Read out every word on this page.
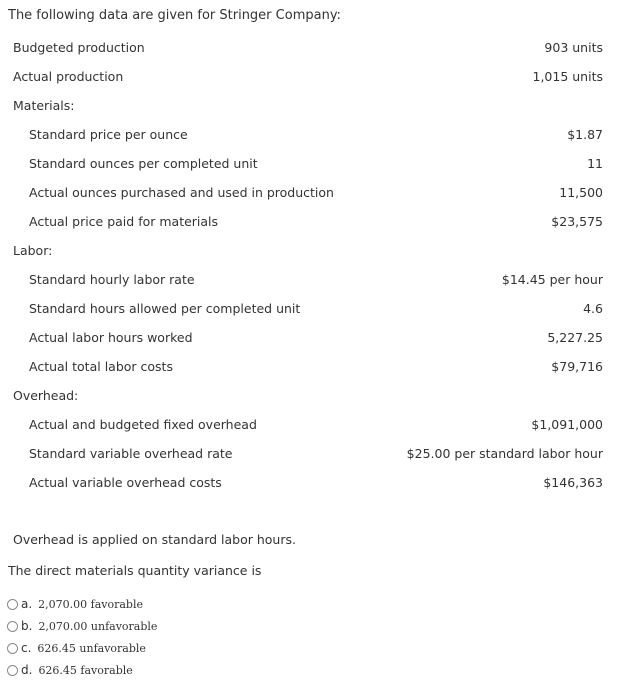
The following data are given for Stringer Company:
Budgeted production	903 units
Actual production	1,015 units
Materials:
Standard price per ounce	$1.87
Standard ounces per completed unit	11
Actual ounces purchased and used in production	11,500
Actual price paid for materials	$23,575
Labor:
Standard hourly labor rate	$14.45 per hour
Standard hours allowed per completed unit	4.6
Actual labor hours worked	5,227.25
Actual total labor costs	$79,716
Overhead:
Actual and budgeted fixed overhead	$1,091,000
Standard variable overhead rate	$25.00 per standard labor hour
Actual variable overhead costs	$146,363
Overhead is applied on standard labor hours.
The direct materials quantity variance is
a. 2,070.00 favorable
b. 2,070.00 unfavorable
c. 626.45 unfavorable
d. 626.45 favorable
